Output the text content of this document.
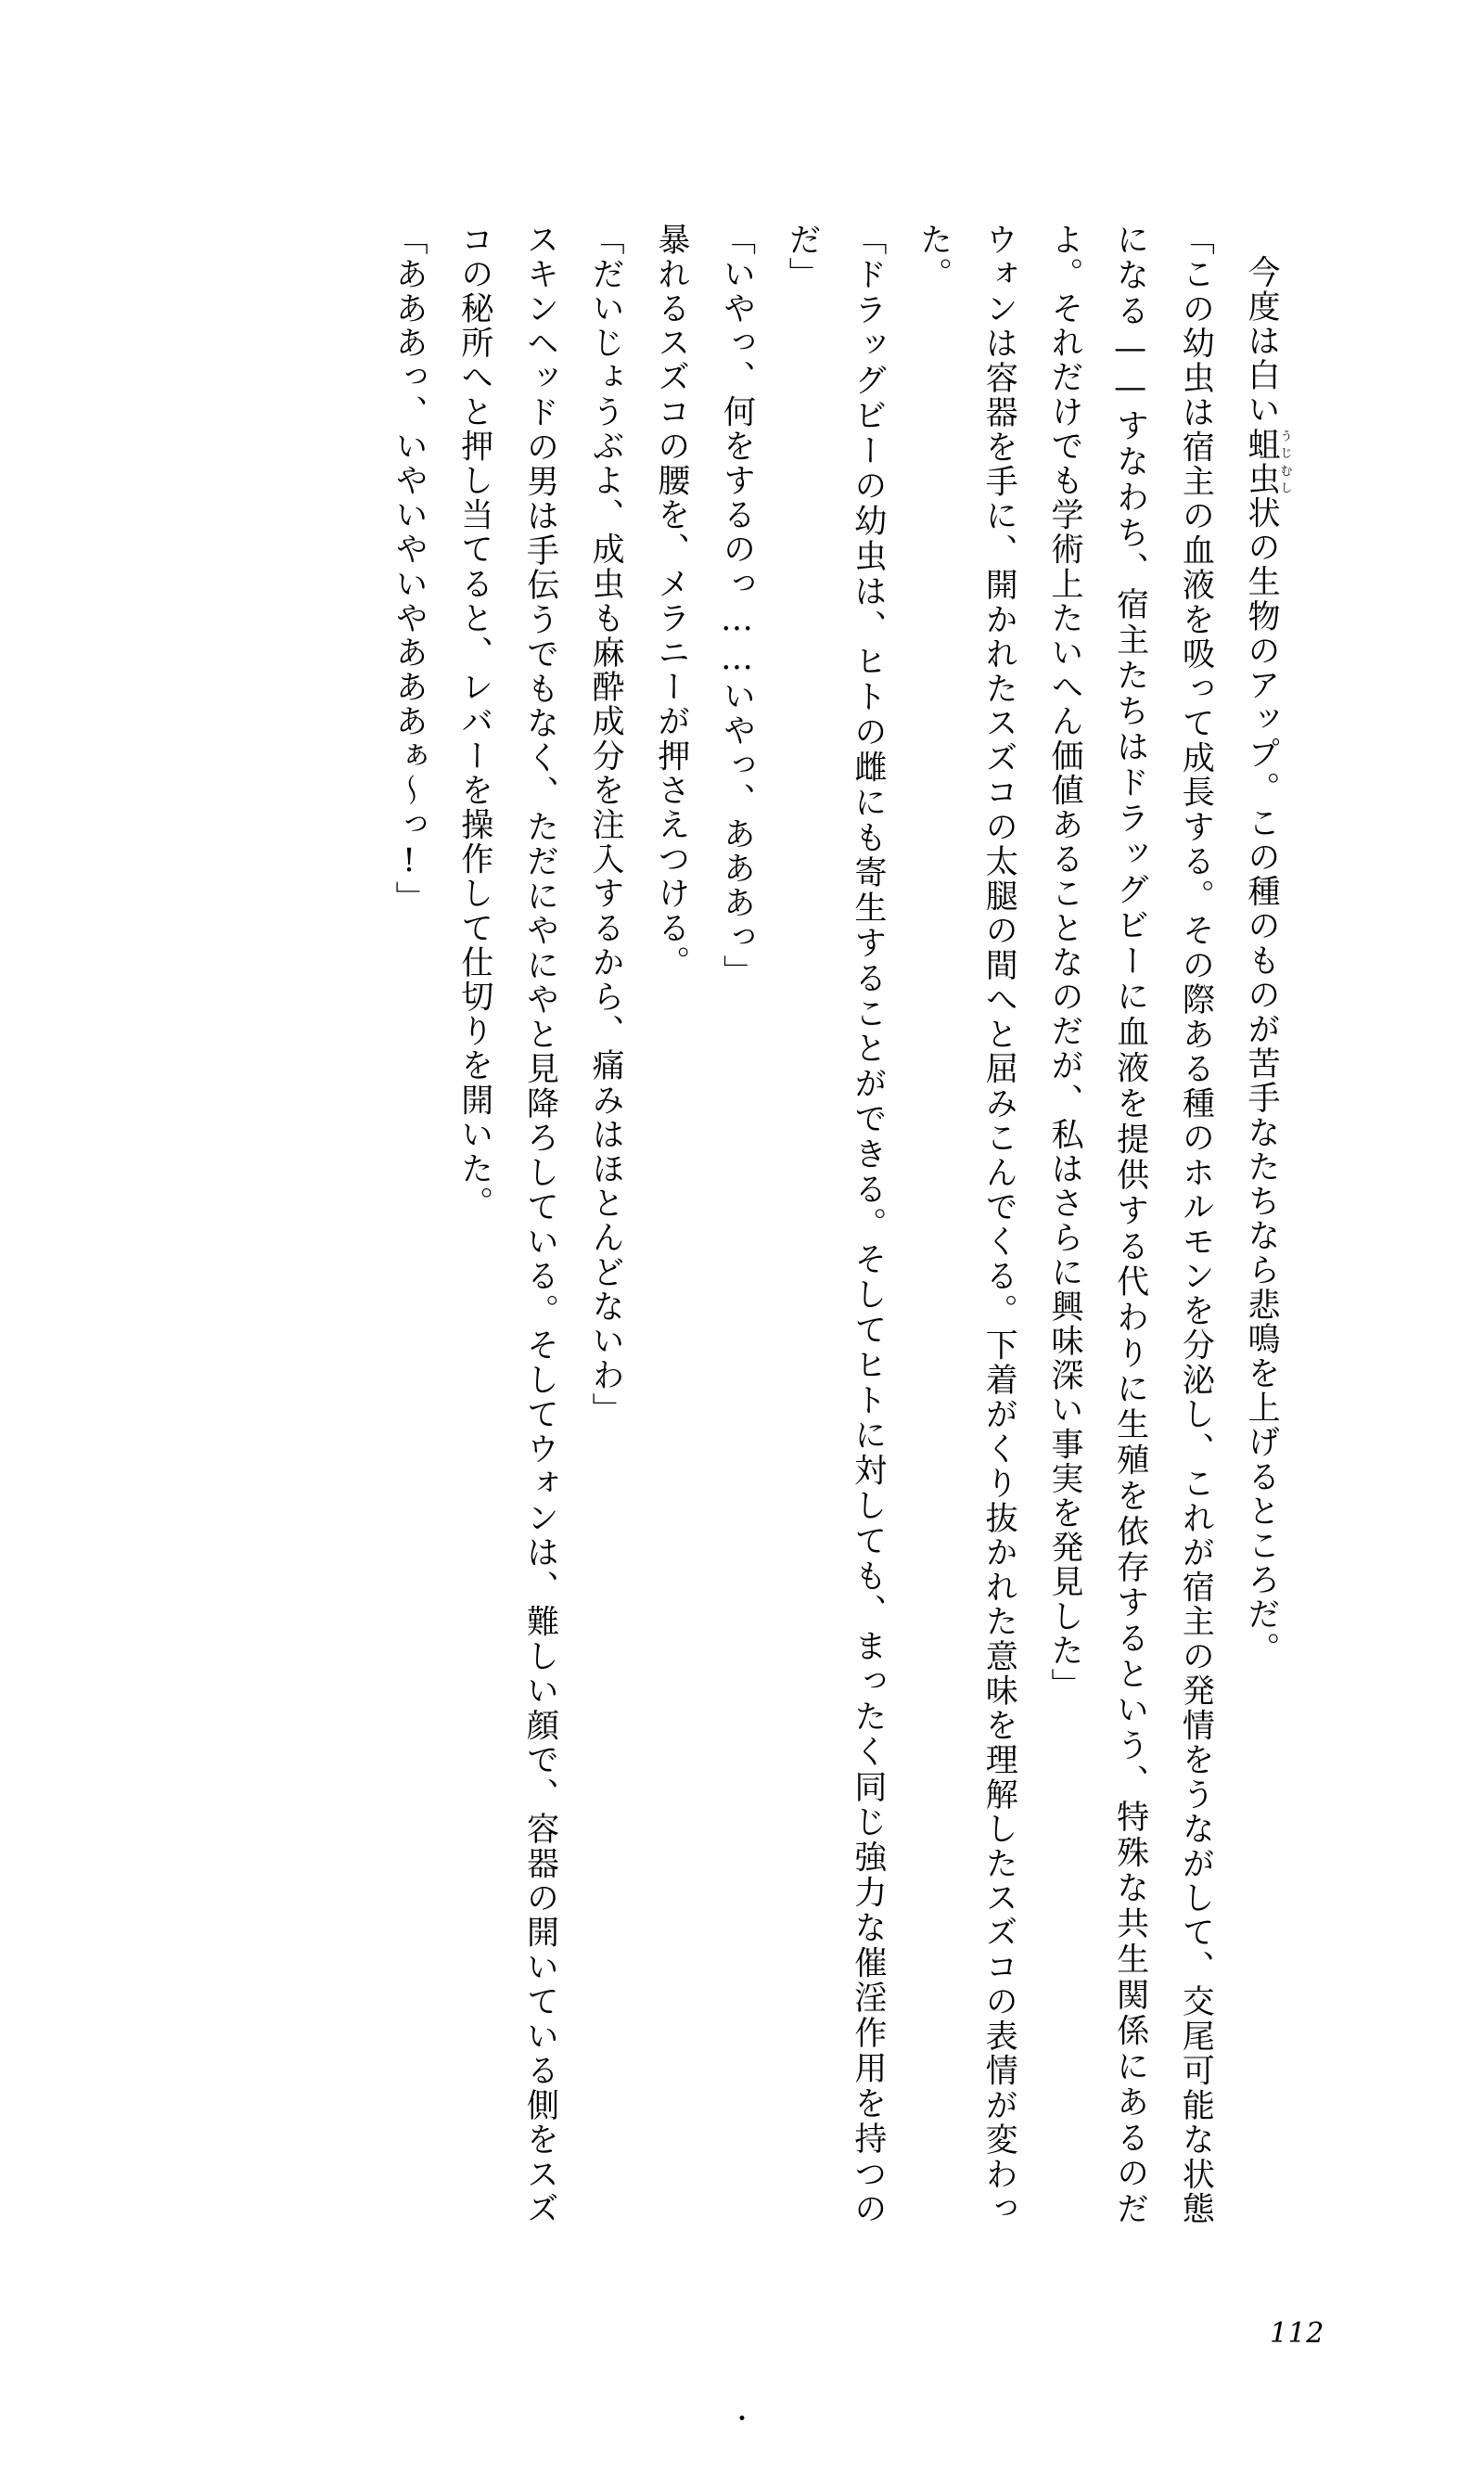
今度は白い蛆虫うじむし状の生物のアップ。この種のものが苦手なたちなら悲鳴を上げるところだ。

「この幼虫は宿主の血液を吸って成長する。その際ある種のホルモンを分泌し、これが宿主の発情をうながして、交尾可能な状態になる——すなわち、宿主たちはドラッグビーに血液を提供する代わりに生殖を依存するという、特殊な共生関係にあるのだよ。それだけでも学術上たいへん価値あることなのだが、私はさらに興味深い事実を発見した」

ウォンは容器を手に、開かれたスズコの太腿の間へと屈みこんでくる。下着がくり抜かれた意味を理解したスズコの表情が変わった。

「ドラッグビーの幼虫は、ヒトの雌にも寄生することができる。そしてヒトに対しても、まったく同じ強力な催淫作用を持つのだ」

「いやっ、何をするのっ……いやっ、あああっ」

暴れるスズコの腰を、メラニーが押さえつける。

「だいじょうぶよ、成虫も麻酔成分を注入するから、痛みはほとんどないわ」

スキンヘッドの男は手伝うでもなく、ただにやにやと見降ろしている。そしてウォンは、難しい顔で、容器の開いている側をスズコの秘所へと押し当てると、レバーを操作して仕切りを開いた。

「あああっ、いやいやいやあああぁ〜っ!」

112
